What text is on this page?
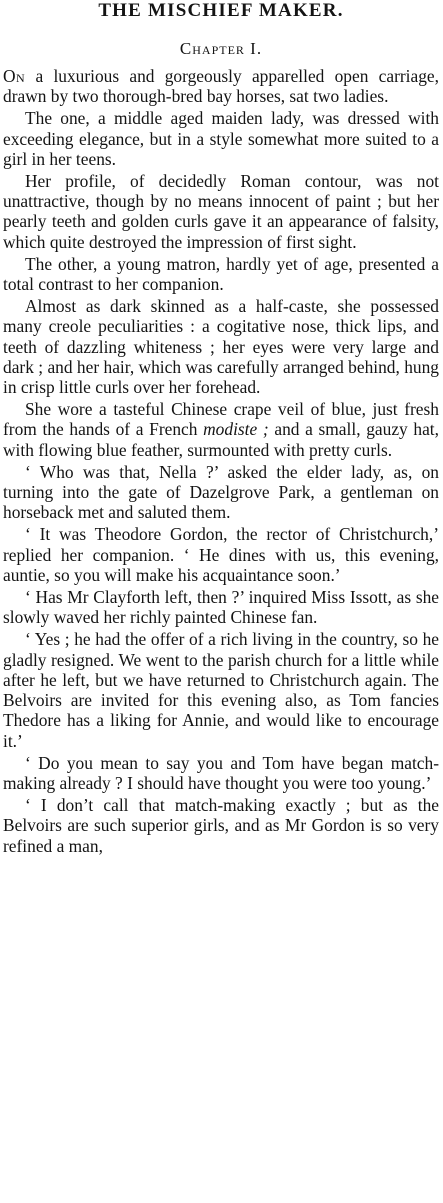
THE MISCHIEF MAKER.
Chapter I.

On a luxurious and gorgeously apparelled open carriage, drawn by two thorough-bred bay horses, sat two ladies.

The one, a middle aged maiden lady, was dressed with exceeding elegance, but in a style somewhat more suited to a girl in her teens.

Her profile, of decidedly Roman contour, was not unattractive, though by no means innocent of paint ; but her pearly teeth and golden curls gave it an appearance of falsity, which quite destroyed the impression of first sight.

The other, a young matron, hardly yet of age, presented a total contrast to her companion.

Almost as dark skinned as a half-caste, she possessed many creole peculiarities : a cogitative nose, thick lips, and teeth of dazzling whiteness ; her eyes were very large and dark ; and her hair, which was carefully arranged behind, hung in crisp little curls over her forehead.

She wore a tasteful Chinese crape veil of blue, just fresh from the hands of a French modiste ; and a small, gauzy hat, with flowing blue feather, surmounted with pretty curls.

‘ Who was that, Nella ?’ asked the elder lady, as, on turning into the gate of Dazelgrove Park, a gentleman on horseback met and saluted them.

‘ It was Theodore Gordon, the rector of Christchurch,’ replied her companion. ‘ He dines with us, this evening, auntie, so you will make his acquaintance soon.’

‘ Has Mr Clayforth left, then ?’ inquired Miss Issott, as she slowly waved her richly painted Chinese fan.

‘ Yes ; he had the offer of a rich living in the country, so he gladly resigned. We went to the parish church for a little while after he left, but we have returned to Christchurch again. The Belvoirs are invited for this evening also, as Tom fancies Thedore has a liking for Annie, and would like to encourage it.’

‘ Do you mean to say you and Tom have began match-making already ? I should have thought you were too young.’

‘ I don’t call that match-making exactly ; but as the Belvoirs are such superior girls, and as Mr Gordon is so very refined a man,
